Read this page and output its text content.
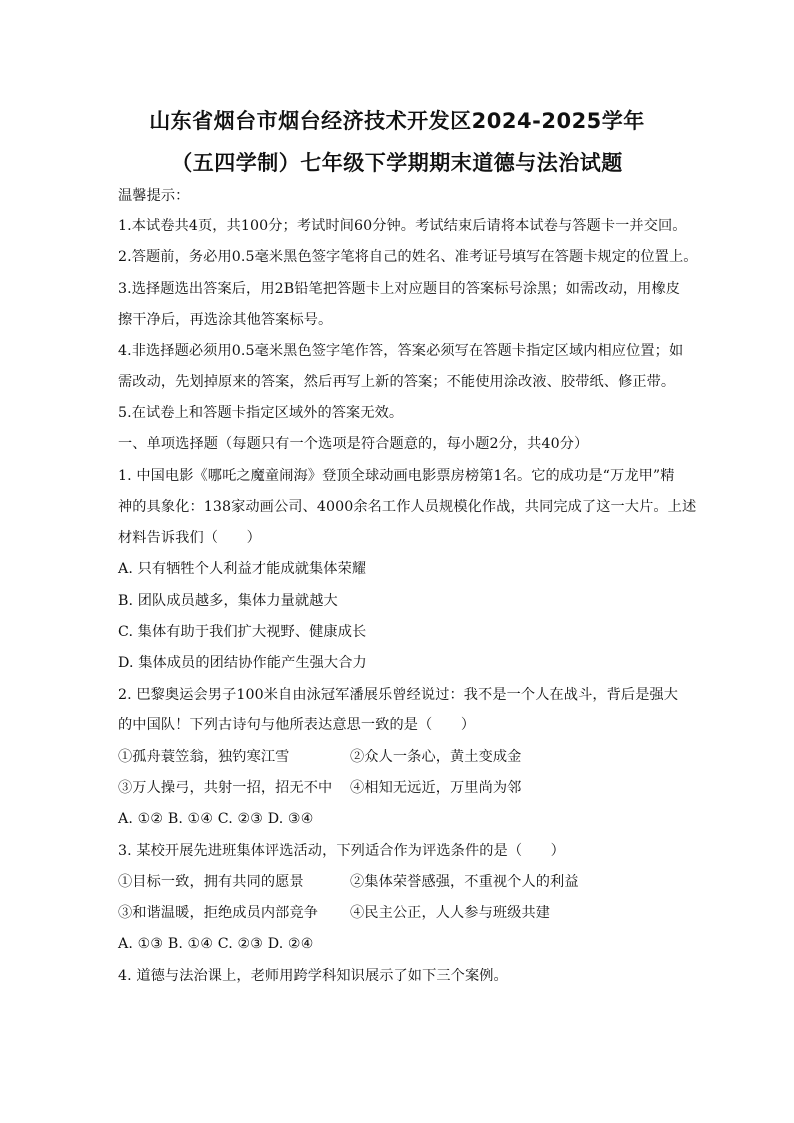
山东省烟台市烟台经济技术开发区2024-2025学年
（五四学制）七年级下学期期末道德与法治试题
温馨提示：
1.本试卷共4页，共100分；考试时间60分钟。考试结束后请将本试卷与答题卡一并交回。
2.答题前，务必用0.5毫米黑色签字笔将自己的姓名、准考证号填写在答题卡规定的位置上。
3.选择题选出答案后，用2B铅笔把答题卡上对应题目的答案标号涂黑；如需改动，用橡皮
擦干净后，再选涂其他答案标号。
4.非选择题必须用0.5毫米黑色签字笔作答，答案必须写在答题卡指定区域内相应位置；如
需改动，先划掉原来的答案，然后再写上新的答案；不能使用涂改液、胶带纸、修正带。
5.在试卷上和答题卡指定区域外的答案无效。
一、单项选择题（每题只有一个选项是符合题意的，每小题2分，共40分）
1. 中国电影《哪吒之魔童闹海》登顶全球动画电影票房榜第1名。它的成功是“万龙甲”精
神的具象化：138家动画公司、4000余名工作人员规模化作战，共同完成了这一大片。上述
材料告诉我们（　　）
A. 只有牺牲个人利益才能成就集体荣耀
B. 团队成员越多，集体力量就越大
C. 集体有助于我们扩大视野、健康成长
D. 集体成员的团结协作能产生强大合力
2. 巴黎奥运会男子100米自由泳冠军潘展乐曾经说过：我不是一个人在战斗，背后是强大
的中国队！下列古诗句与他所表达意思一致的是（　　）
①孤舟蓑笠翁，独钓寒江雪	②众人一条心，黄土变成金
③万人操弓，共射一招，招无不中 ④相知无远近，万里尚为邻
A. ①② B. ①④ C. ②③ D. ③④
3. 某校开展先进班集体评选活动，下列适合作为评选条件的是（　　）
①目标一致，拥有共同的愿景	②集体荣誉感强，不重视个人的利益
③和谐温暖，拒绝成员内部竞争 ④民主公正，人人参与班级共建
A. ①③ B. ①④ C. ②③ D. ②④
4. 道德与法治课上，老师用跨学科知识展示了如下三个案例。
